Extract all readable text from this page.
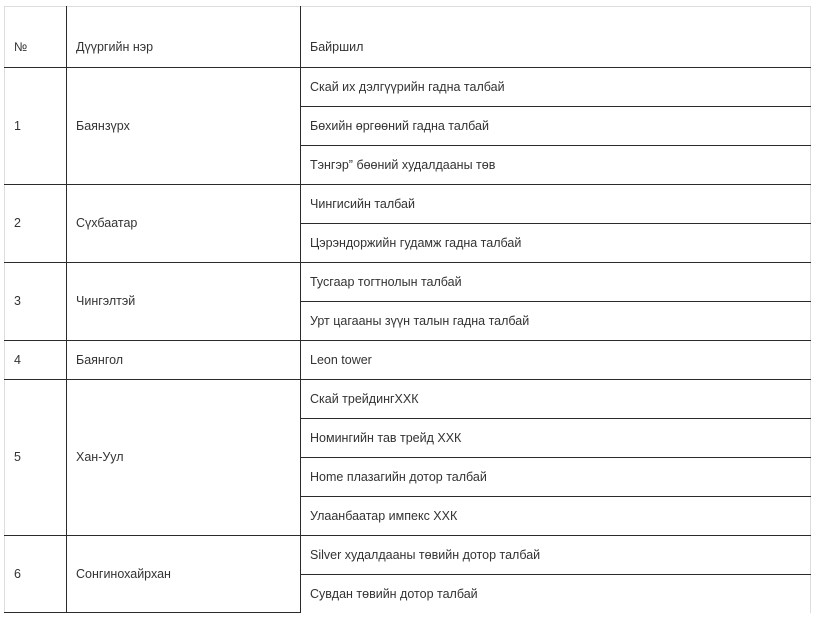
№	Дүүргийн нэр	Байршил
1	Баянзүрх	Скай их дэлгүүрийн гадна талбай
		Бөхийн өргөөний гадна талбай
		Тэнгэр” бөөний худалдааны төв
2	Сүхбаатар	Чингисийн талбай
		Цэрэндоржийн гудамж гадна талбай
3	Чингэлтэй	Тусгаар тогтнолын талбай
		Урт цагааны зүүн талын гадна талбай
4	Баянгол	Leon tower
5	Хан-Уул	Скай трейдингХХК
		Номингийн тав трейд ХХК
		Home плазагийн дотор талбай
		Улаанбаатар импекс ХХК
6	Сонгинохайрхан	Silver худалдааны төвийн дотор талбай
		Сувдан төвийн дотор талбай
